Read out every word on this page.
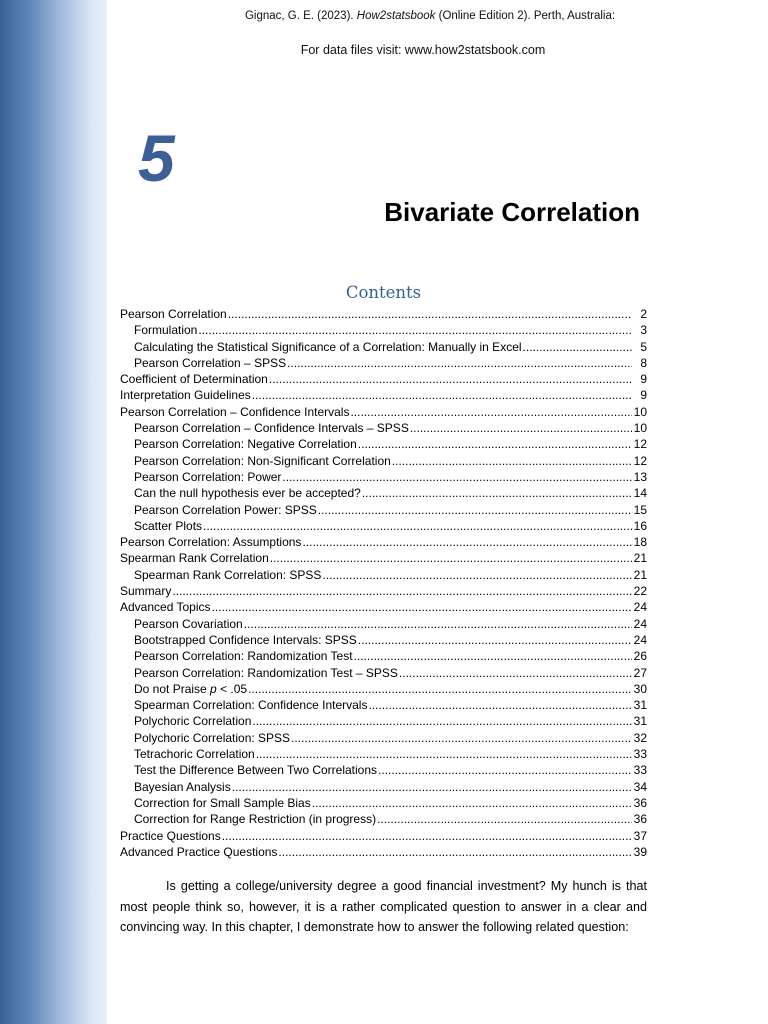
Gignac, G. E. (2023). How2statsbook (Online Edition 2). Perth, Australia:
For data files visit: www.how2statsbook.com
5
Bivariate Correlation
Contents
Pearson Correlation .....	2
Formulation .....	3
Calculating the Statistical Significance of a Correlation: Manually in Excel .....	5
Pearson Correlation – SPSS .....	8
Coefficient of Determination .....	9
Interpretation Guidelines .....	9
Pearson Correlation – Confidence Intervals .....	10
Pearson Correlation – Confidence Intervals – SPSS .....	10
Pearson Correlation: Negative Correlation .....	12
Pearson Correlation: Non-Significant Correlation .....	12
Pearson Correlation: Power .....	13
Can the null hypothesis ever be accepted? .....	14
Pearson Correlation Power: SPSS .....	15
Scatter Plots .....	16
Pearson Correlation: Assumptions .....	18
Spearman Rank Correlation .....	21
Spearman Rank Correlation: SPSS .....	21
Summary .....	22
Advanced Topics .....	24
Pearson Covariation .....	24
Bootstrapped Confidence Intervals: SPSS .....	24
Pearson Correlation: Randomization Test .....	26
Pearson Correlation: Randomization Test – SPSS .....	27
Do not Praise p < .05 .....	30
Spearman Correlation: Confidence Intervals .....	31
Polychoric Correlation .....	31
Polychoric Correlation: SPSS .....	32
Tetrachoric Correlation .....	33
Test the Difference Between Two Correlations .....	33
Bayesian Analysis .....	34
Correction for Small Sample Bias .....	36
Correction for Range Restriction (in progress) .....	36
Practice Questions .....	37
Advanced Practice Questions .....	39
Is getting a college/university degree a good financial investment? My hunch is that most people think so, however, it is a rather complicated question to answer in a clear and convincing way. In this chapter, I demonstrate how to answer the following related question:
